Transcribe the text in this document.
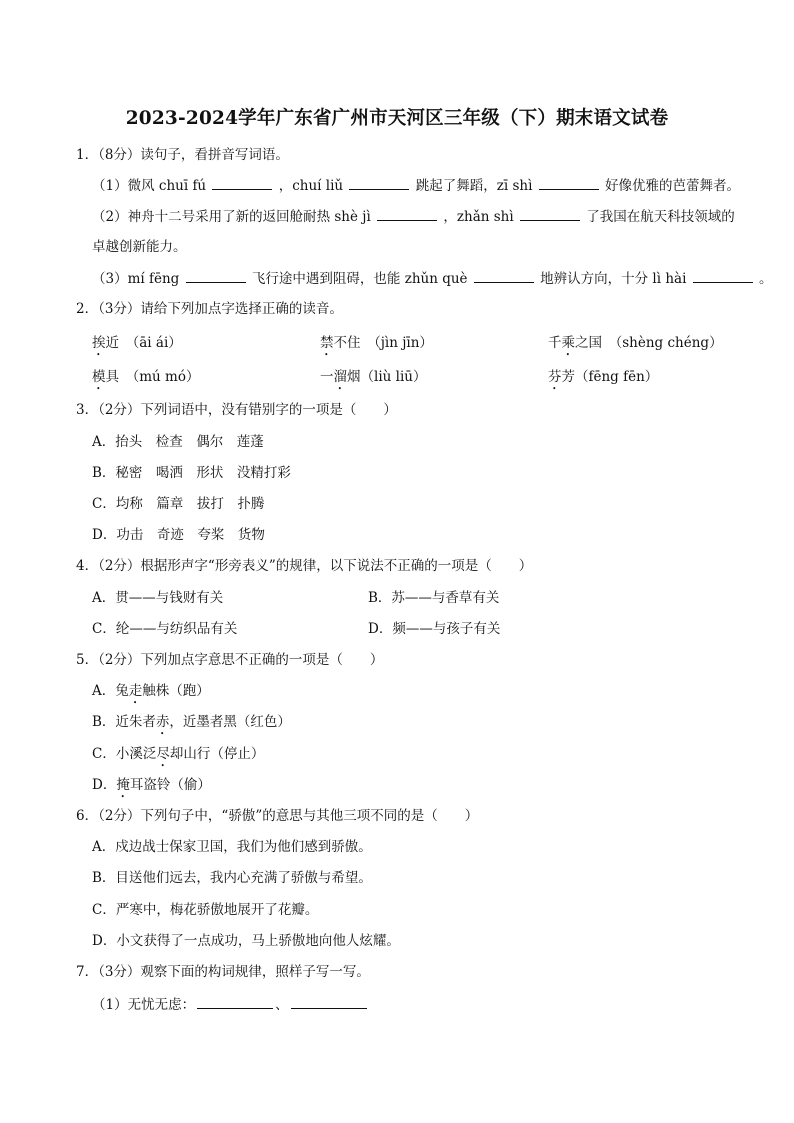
2023-2024学年广东省广州市天河区三年级（下）期末语文试卷
1．（8分）读句子，看拼音写词语。
（1）微风 chuī fú	，chuí liǔ	跳起了舞蹈，zī shì	好像优雅的芭蕾舞者。
（2）神舟十二号采用了新的返回舱耐热 shè jì	，zhǎn shì	了我国在航天科技领域的
卓越创新能力。
（3）mí fēng	飞行途中遇到阻碍，也能 zhǔn què	地辨认方向，十分 lì hài	。
2．（3分）请给下列加点字选择正确的读音。
挨近　 （āi ái）	禁不住　 （jìn jīn）	千乘之国　 （shèng chéng）
模具　 （mú mó）	一溜烟（liù liū）	芬芳（fēng fēn）
3．（2分）下列词语中，没有错别字的一项是（　　）
A．抬头　检查　偶尔　莲蓬
B．秘密　喝洒　形状　没精打彩
C．均称　篇章　拔打　扑腾
D．功击　奇迹　夸桨　货物
4．（2分）根据形声字“形旁表义”的规律，以下说法不正确的一项是（　　）
A．贯——与钱财有关	B．苏——与香草有关
C．纶——与纺织品有关	D．频——与孩子有关
5．（2分）下列加点字意思不正确的一项是（　　）
A．兔走触株（跑）
B．近朱者赤，近墨者黑（红色）
C．小溪泛尽却山行（停止）
D．掩耳盗铃（偷）
6．（2分）下列句子中，“骄傲”的意思与其他三项不同的是（　　）
A．戍边战士保家卫国，我们为他们感到骄傲。
B．目送他们远去，我内心充满了骄傲与希望。
C．严寒中，梅花骄傲地展开了花瓣。
D．小文获得了一点成功，马上骄傲地向他人炫耀。
7．（3分）观察下面的构词规律，照样子写一写。
（1）无忧无虑：	、
